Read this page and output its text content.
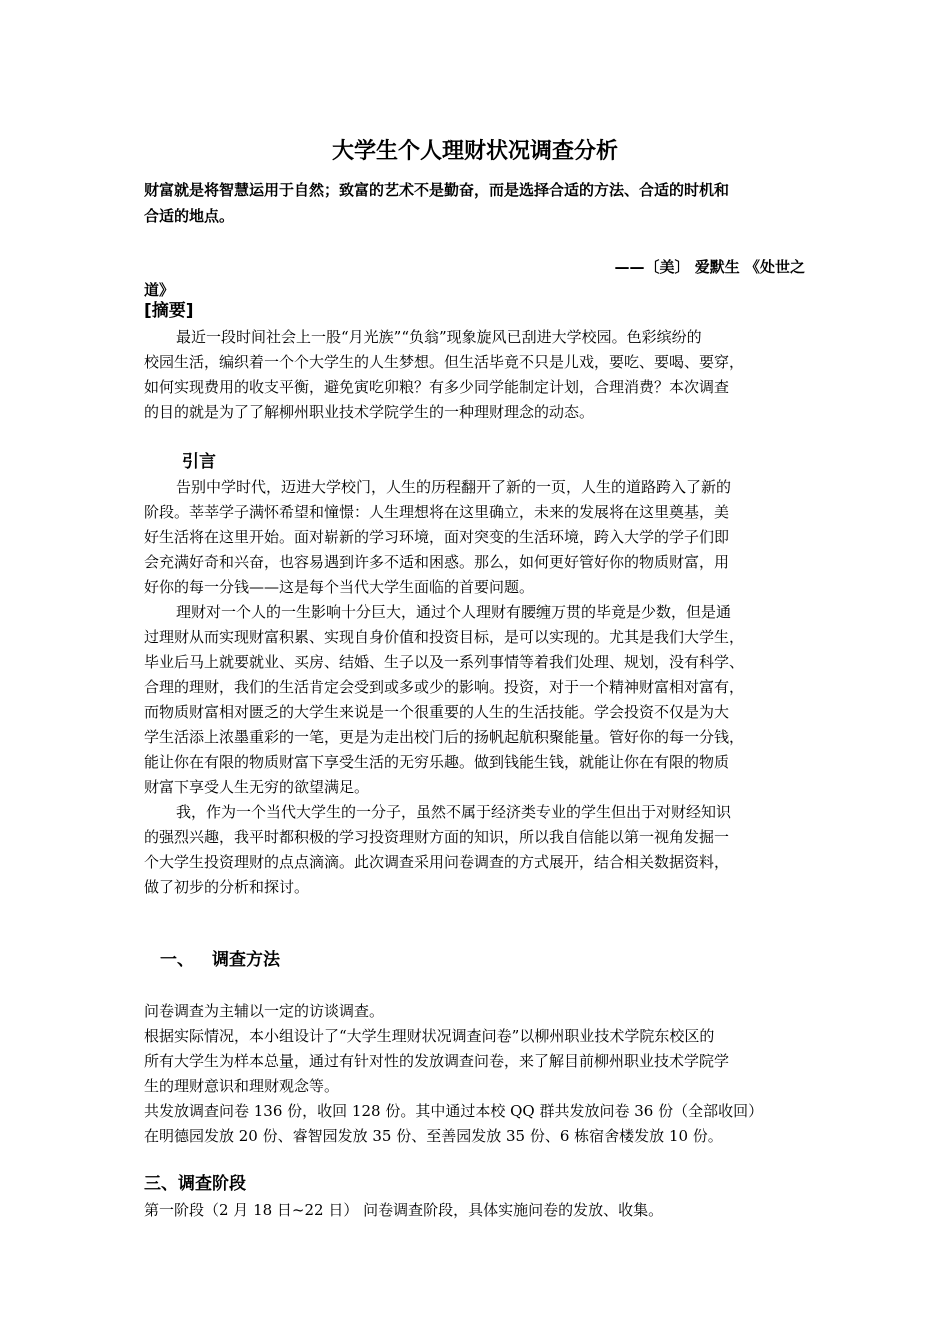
大学生个人理财状况调查分析

财富就是将智慧运用于自然；致富的艺术不是勤奋，而是选择合适的方法、合适的时机和

合适的地点。

——〔美〕 爱默生 《处世之

道》

[摘要]

最近一段时间社会上一股“月光族”“负翁”现象旋风已刮进大学校园。色彩缤纷的

校园生活，编织着一个个大学生的人生梦想。但生活毕竟不只是儿戏，要吃、要喝、要穿，

如何实现费用的收支平衡，避免寅吃卯粮？有多少同学能制定计划，合理消费？本次调查

的目的就是为了了解柳州职业技术学院学生的一种理财理念的动态。

引言

告别中学时代，迈进大学校门，人生的历程翻开了新的一页，人生的道路跨入了新的

阶段。莘莘学子满怀希望和憧憬：人生理想将在这里确立，未来的发展将在这里奠基，美

好生活将在这里开始。面对崭新的学习环境，面对突变的生活环境，跨入大学的学子们即

会充满好奇和兴奋，也容易遇到许多不适和困惑。那么，如何更好管好你的物质财富，用

好你的每一分钱——这是每个当代大学生面临的首要问题。

理财对一个人的一生影响十分巨大，通过个人理财有腰缠万贯的毕竟是少数，但是通

过理财从而实现财富积累、实现自身价值和投资目标，是可以实现的。尤其是我们大学生，

毕业后马上就要就业、买房、结婚、生子以及一系列事情等着我们处理、规划，没有科学、

合理的理财，我们的生活肯定会受到或多或少的影响。投资，对于一个精神财富相对富有，

而物质财富相对匮乏的大学生来说是一个很重要的人生的生活技能。学会投资不仅是为大

学生活添上浓墨重彩的一笔，更是为走出校门后的扬帆起航积聚能量。管好你的每一分钱，

能让你在有限的物质财富下享受生活的无穷乐趣。做到钱能生钱，就能让你在有限的物质

财富下享受人生无穷的欲望满足。

我，作为一个当代大学生的一分子，虽然不属于经济类专业的学生但出于对财经知识

的强烈兴趣，我平时都积极的学习投资理财方面的知识，所以我自信能以第一视角发掘一

个大学生投资理财的点点滴滴。此次调查采用问卷调查的方式展开，结合相关数据资料，

做了初步的分析和探讨。

一、 调查方法

问卷调查为主辅以一定的访谈调查。

根据实际情况，本小组设计了“大学生理财状况调查问卷”以柳州职业技术学院东校区的

所有大学生为样本总量，通过有针对性的发放调查问卷，来了解目前柳州职业技术学院学

生的理财意识和理财观念等。

共发放调查问卷 136 份，收回 128 份。其中通过本校 QQ 群共发放问卷 36 份（全部收回）

在明德园发放 20 份、睿智园发放 35 份、至善园发放 35 份、6 栋宿舍楼发放 10 份。

三、调查阶段

第一阶段（2 月 18 日~22 日） 问卷调查阶段，具体实施问卷的发放、收集。
